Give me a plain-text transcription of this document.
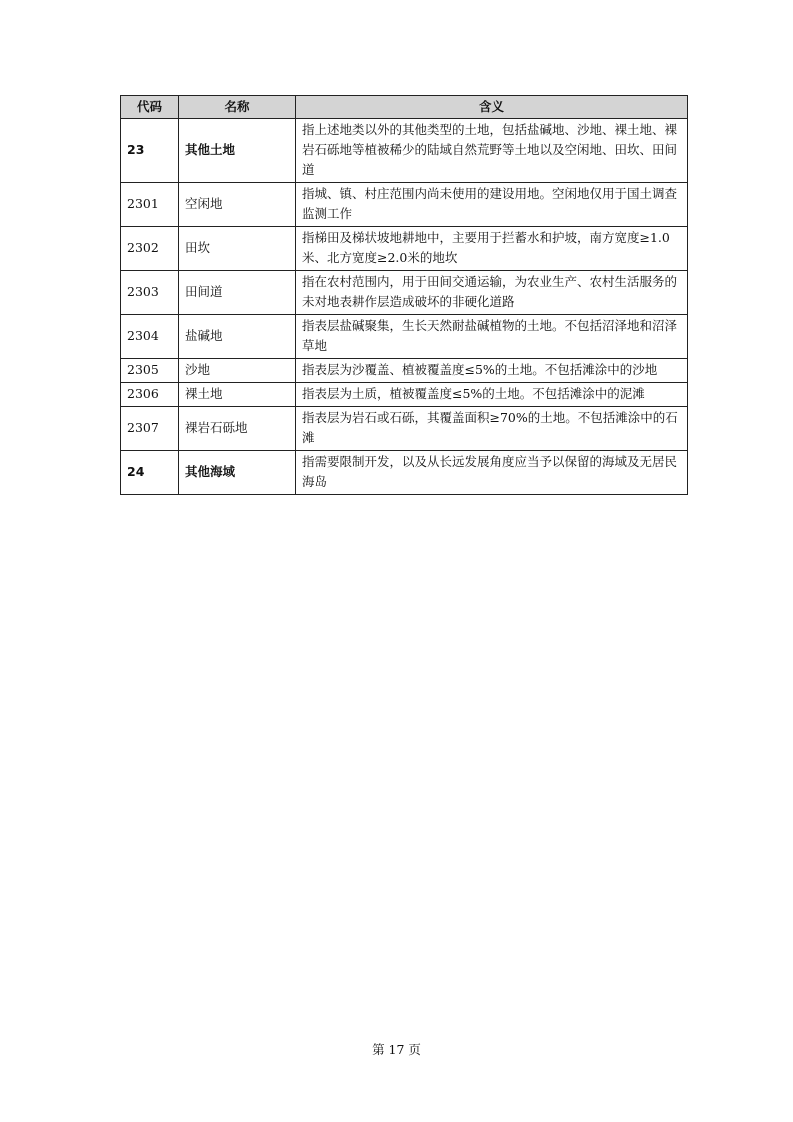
代码	名称	含义
23	其他土地	指上述地类以外的其他类型的土地，包括盐碱地、沙地、裸土地、裸岩石砾地等植被稀少的陆域自然荒野等土地以及空闲地、田坎、田间道
2301	空闲地	指城、镇、村庄范围内尚未使用的建设用地。空闲地仅用于国土调查监测工作
2302	田坎	指梯田及梯状坡地耕地中，主要用于拦蓄水和护坡，南方宽度≥1.0米、北方宽度≥2.0米的地坎
2303	田间道	指在农村范围内，用于田间交通运输，为农业生产、农村生活服务的未对地表耕作层造成破坏的非硬化道路
2304	盐碱地	指表层盐碱聚集，生长天然耐盐碱植物的土地。不包括沼泽地和沼泽草地
2305	沙地	指表层为沙覆盖、植被覆盖度≤5%的土地。不包括滩涂中的沙地
2306	裸土地	指表层为土质，植被覆盖度≤5%的土地。不包括滩涂中的泥滩
2307	裸岩石砾地	指表层为岩石或石砾，其覆盖面积≥70%的土地。不包括滩涂中的石滩
24	其他海域	指需要限制开发，以及从长远发展角度应当予以保留的海域及无居民海岛
第 17 页
